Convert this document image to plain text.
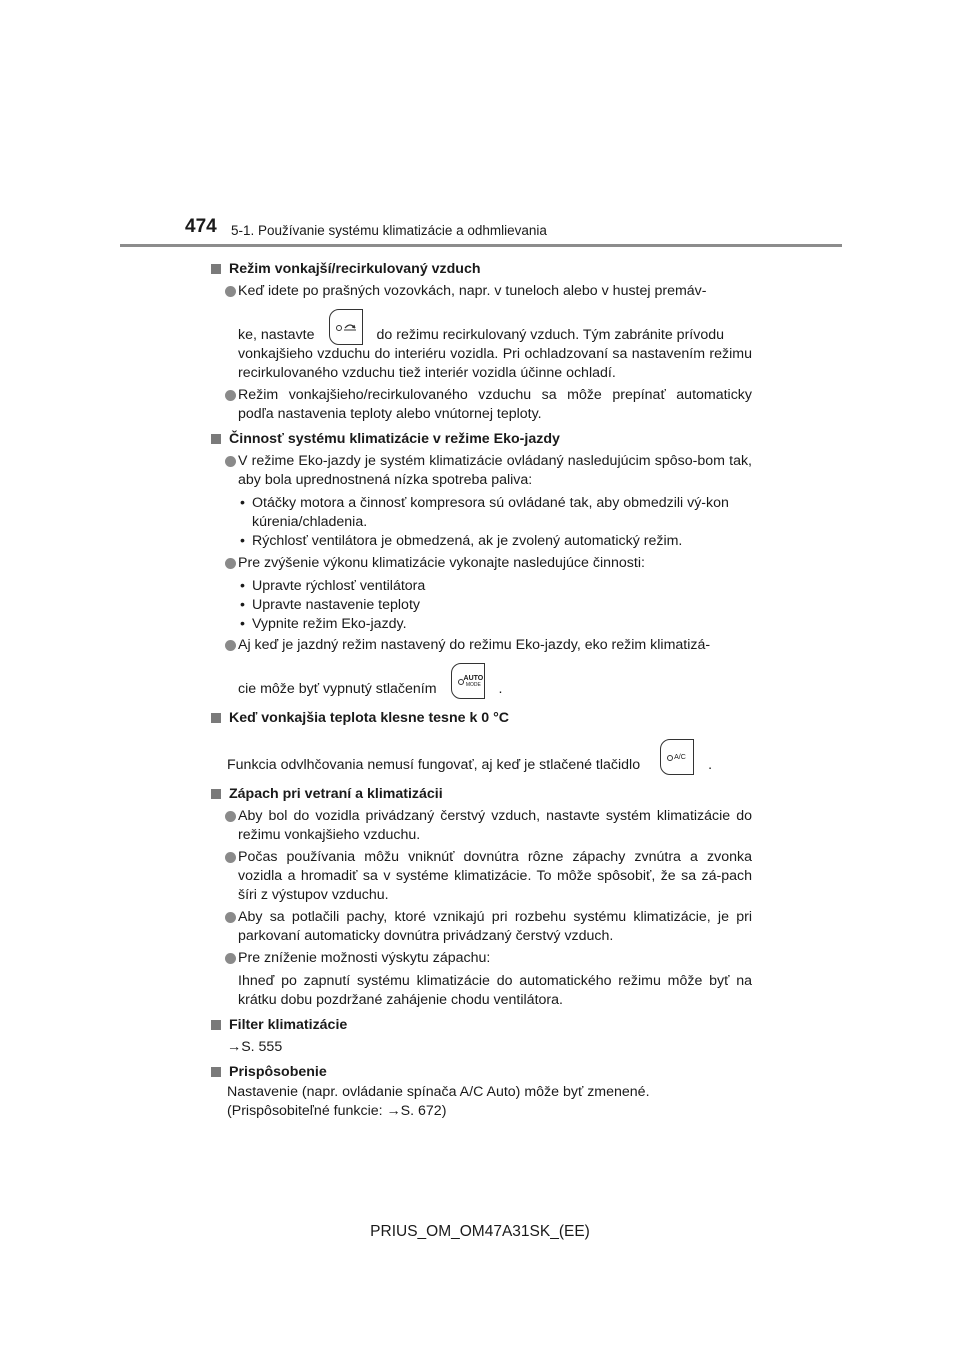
474 5-1. Používanie systému klimatizácie a odhmlievania
Režim vonkajší/recirkulovaný vzduch
Keď idete po prašných vozovkách, napr. v tuneloch alebo v hustej premáv-
ke, nastavte	do režimu recirkulovaný vzduch. Tým zabránite prívodu
vonkajšieho vzduchu do interiéru vozidla. Pri ochladzovaní sa nastavením režimu recirkulovaného vzduchu tiež interiér vozidla účinne ochladí.
Režim vonkajšieho/recirkulovaného vzduchu sa môže prepínať automaticky podľa nastavenia teploty alebo vnútornej teploty.
Činnosť systému klimatizácie v režime Eko-jazdy
V režime Eko-jazdy je systém klimatizácie ovládaný nasledujúcim spôso-bom tak, aby bola uprednostnená nízka spotreba paliva:
• Otáčky motora a činnosť kompresora sú ovládané tak, aby obmedzili vý-kon kúrenia/chladenia.
• Rýchlosť ventilátora je obmedzená, ak je zvolený automatický režim.
Pre zvýšenie výkonu klimatizácie vykonajte nasledujúce činnosti:
• Upravte rýchlosť ventilátora
• Upravte nastavenie teploty
• Vypnite režim Eko-jazdy.
Aj keď je jazdný režim nastavený do režimu Eko-jazdy, eko režim klimatizá-
cie môže byť vypnutý stlačením
AUTO
MODE .
Keď vonkajšia teplota klesne tesne k 0 °C
Funkcia odvlhčovania nemusí fungovať, aj keď je stlačené tlačidlo	A/C .
Zápach pri vetraní a klimatizácii
Aby bol do vozidla privádzaný čerstvý vzduch, nastavte systém klimatizácie do režimu vonkajšieho vzduchu.
Počas používania môžu vniknúť dovnútra rôzne zápachy zvnútra a zvonka vozidla a hromadiť sa v systéme klimatizácie. To môže spôsobiť, že sa zá-pach šíri z výstupov vzduchu.
Aby sa potlačili pachy, ktoré vznikajú pri rozbehu systému klimatizácie, je pri parkovaní automaticky dovnútra privádzaný čerstvý vzduch.
Pre zníženie možnosti výskytu zápachu:
Ihneď po zapnutí systému klimatizácie do automatického režimu môže byť na krátku dobu pozdržané zahájenie chodu ventilátora.
Filter klimatizácie
→S. 555
Prispôsobenie
Nastavenie (napr. ovládanie spínača A/C Auto) môže byť zmenené.
(Prispôsobiteľné funkcie: →S. 672)
PRIUS_OM_OM47A31SK_(EE)
